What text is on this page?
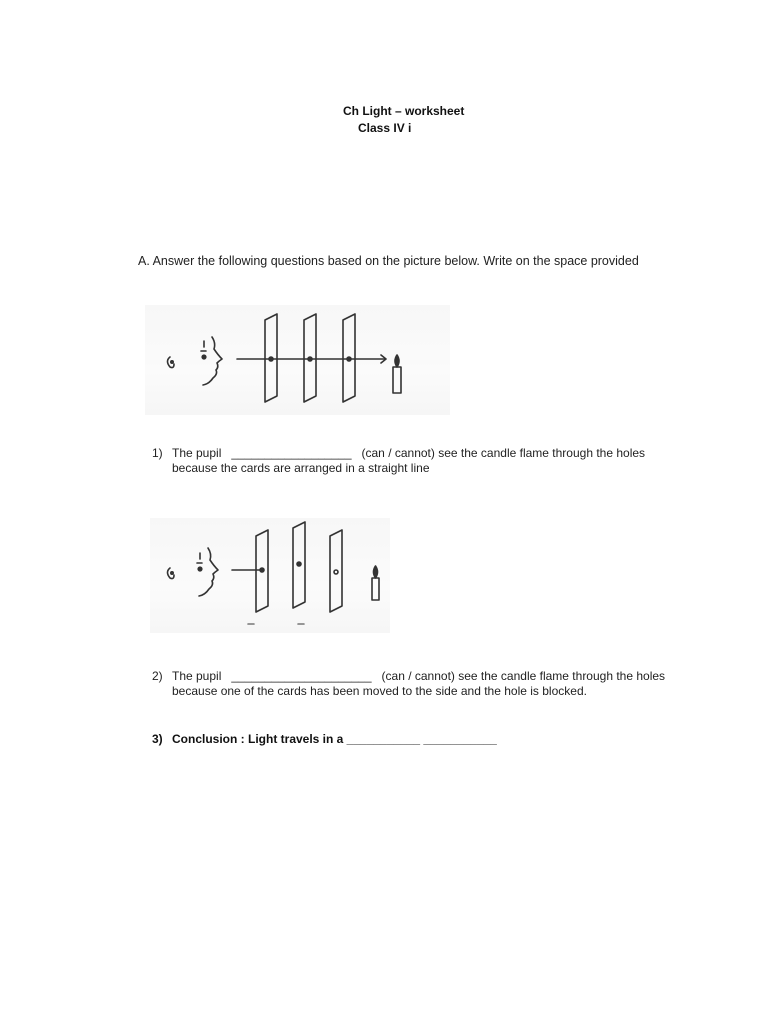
Ch Light – worksheet
Class IV i
A. Answer the following questions based on the picture below. Write on the space provided
1) The pupil __________________ (can / cannot) see the candle flame through the holes
because the cards are arranged in a straight line
2) The pupil _____________________ (can / cannot) see the candle flame through the holes
because one of the cards has been moved to the side and the hole is blocked.
3) Conclusion : Light travels in a ___________ ___________
